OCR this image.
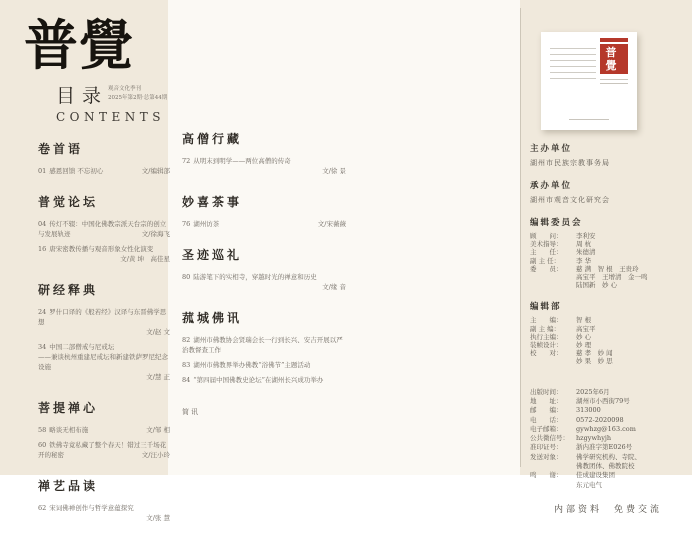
普覺
目录 观音文化季刊
2025年第2期·总第44期
CONTENTS
卷首语
01 感恩回馈 不忘初心	文/编辑部
普觉论坛
04 传灯不辍：中国化佛教宗派天台宗的创立与发展轨迹	文/徐海飞
16 唐宋密教传播与观音形象女性化演变
文/黄 坤　高佳星
研经释典
24 罗什口译的《般若经》汉译与东晋佛学思想
文/赵 文
34 中国二部僧戒与尼戒坛
——兼谈杭州重建尼戒坛和新建铁萨罗尼纪念设施
文/慧 正
菩提禅心
58 略谈无相布施	文/邹 相
60 铁佛寺竟私藏了整个春天！错过三千场花开的秘密	文/汪小玲
禅艺品读
62 宋词佛禅创作与哲学意蕴探究
文/张 慧
高僧行藏
72 从明末到明学——两位高僧的传奇
文/徐 景
妙喜茶事
76 湖州访茶	文/宋薇薇
圣迹巡礼
80 陆游笔下的实相寺，穿越时光的禅意和历史
文/缘 音
菰城佛讯
82 湖州市佛教协会贤瑞会长一行到长兴、安吉开展以严治教督查工作
83 湖州市佛教界举办佛教“浴佛节”主题活动
84 “第四届中国佛教史论坛”在湖州长兴成功举办
简讯
普覺
主办单位
湖州市民族宗教事务局
承办单位
湖州市观音文化研究会
编辑委员会
顾　　问： 李利安
美术指导： 周 杭
主　　任： 朱德清
副 主 任： 李 华
委　　员： 慈 满　智 根　王贵玲
高宝平　王增清　金一鸣
陆国新　妙 心
编辑部
主　　编： 智 根
副 主 编： 高宝平
执行主编： 妙 心
装帧设计： 妙 理
校　　对： 慈 孝　妙 闻
妙 果　妙 思
出版时间： 2025年6月
地　　址： 湖州市小西街79号
邮　　编： 313000
电　　话： 0572-2020098
电子邮箱： gywhzg@163.com
公共微信号： hzgywhyjh
准印证号： 浙内准字第E026号
发送对象： 佛学研究机构、寺院、
佛教团体、佛教院校
鸣　　谢： 佳成建设集团
东元电气
内部资料　免费交流
